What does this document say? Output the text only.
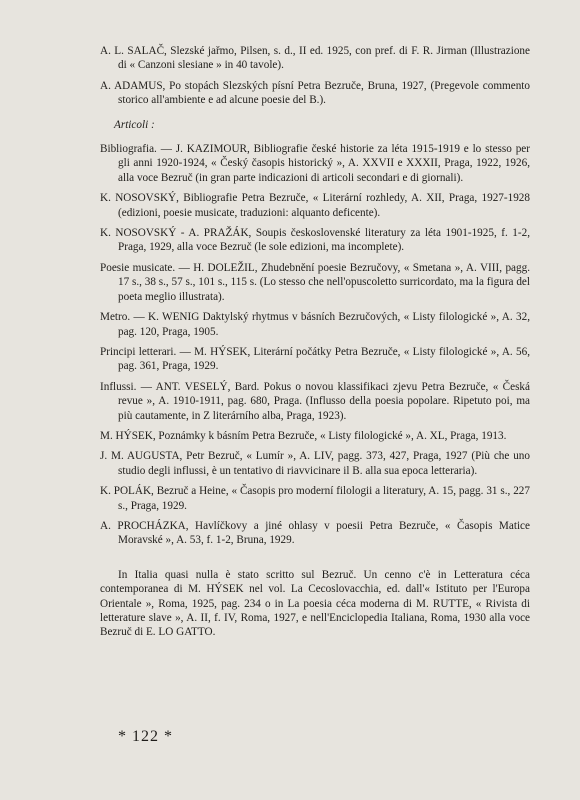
A. L. SALAČ, Slezské jařmo, Pilsen, s. d., II ed. 1925, con pref. di F. R. Jirman (Illustrazione di « Canzoni slesiane » in 40 tavole).
A. ADAMUS, Po stopách Slezských písní Petra Bezruče, Bruna, 1927, (Pregevole commento storico all'ambiente e ad alcune poesie del B.).
Articoli :
Bibliografia. — J. KAZIMOUR, Bibliografie české historie za léta 1915-1919 e lo stesso per gli anni 1920-1924, « Český časopis historický », A. XXVII e XXXII, Praga, 1922, 1926, alla voce Bezruč (in gran parte indicazioni di articoli secondari e di giornali).
K. NOSOVSKÝ, Bibliografie Petra Bezruče, « Literární rozhledy, A. XII, Praga, 1927-1928 (edizioni, poesie musicate, traduzioni: alquanto deficente).
K. NOSOVSKÝ - A. PRAŽÁK, Soupis československé literatury za léta 1901-1925, f. 1-2, Praga, 1929, alla voce Bezruč (le sole edizioni, ma incomplete).
Poesie musicate. — H. DOLEŽIL, Zhudebnění poesie Bezručovy, « Smetana », A. VIII, pagg. 17 s., 38 s., 57 s., 101 s., 115 s. (Lo stesso che nell'opuscoletto surricordato, ma la figura del poeta meglio illustrata).
Metro. — K. WENIG Daktylský rhytmus v básních Bezručových, « Listy filologické », A. 32, pag. 120, Praga, 1905.
Principi letterari. — M. HÝSEK, Literární počátky Petra Bezruče, « Listy filologické », A. 56, pag. 361, Praga, 1929.
Influssi. — ANT. VESELÝ, Bard. Pokus o novou klassifikaci zjevu Petra Bezruče, « Česká revue », A. 1910-1911, pag. 680, Praga. (Influsso della poesia popolare. Ripetuto poi, ma più cautamente, in Z literárního alba, Praga, 1923).
M. HÝSEK, Poznámky k básním Petra Bezruče, « Listy filologické », A. XL, Praga, 1913.
J. M. AUGUSTA, Petr Bezruč, « Lumír », A. LIV, pagg. 373, 427, Praga, 1927 (Più che uno studio degli influssi, è un tentativo di riavvicinare il B. alla sua epoca letteraria).
K. POLÁK, Bezruč a Heine, « Časopis pro moderní filologii a literatury, A. 15, pagg. 31 s., 227 s., Praga, 1929.
A. PROCHÁZKA, Havlíčkovy a jiné ohlasy v poesii Petra Bezruče, « Časopis Matice Moravské », A. 53, f. 1-2, Bruna, 1929.
In Italia quasi nulla è stato scritto sul Bezruč. Un cenno c'è in Letteratura céca contemporanea di M. HÝSEK nel vol. La Cecoslovacchia, ed. dall'« Istituto per l'Europa Orientale », Roma, 1925, pag. 234 o in La poesia céca moderna di M. RUTTE, « Rivista di letterature slave », A. II, f. IV, Roma, 1927, e nell'Enciclopedia Italiana, Roma, 1930 alla voce Bezruč di E. LO GATTO.
* 122 *
